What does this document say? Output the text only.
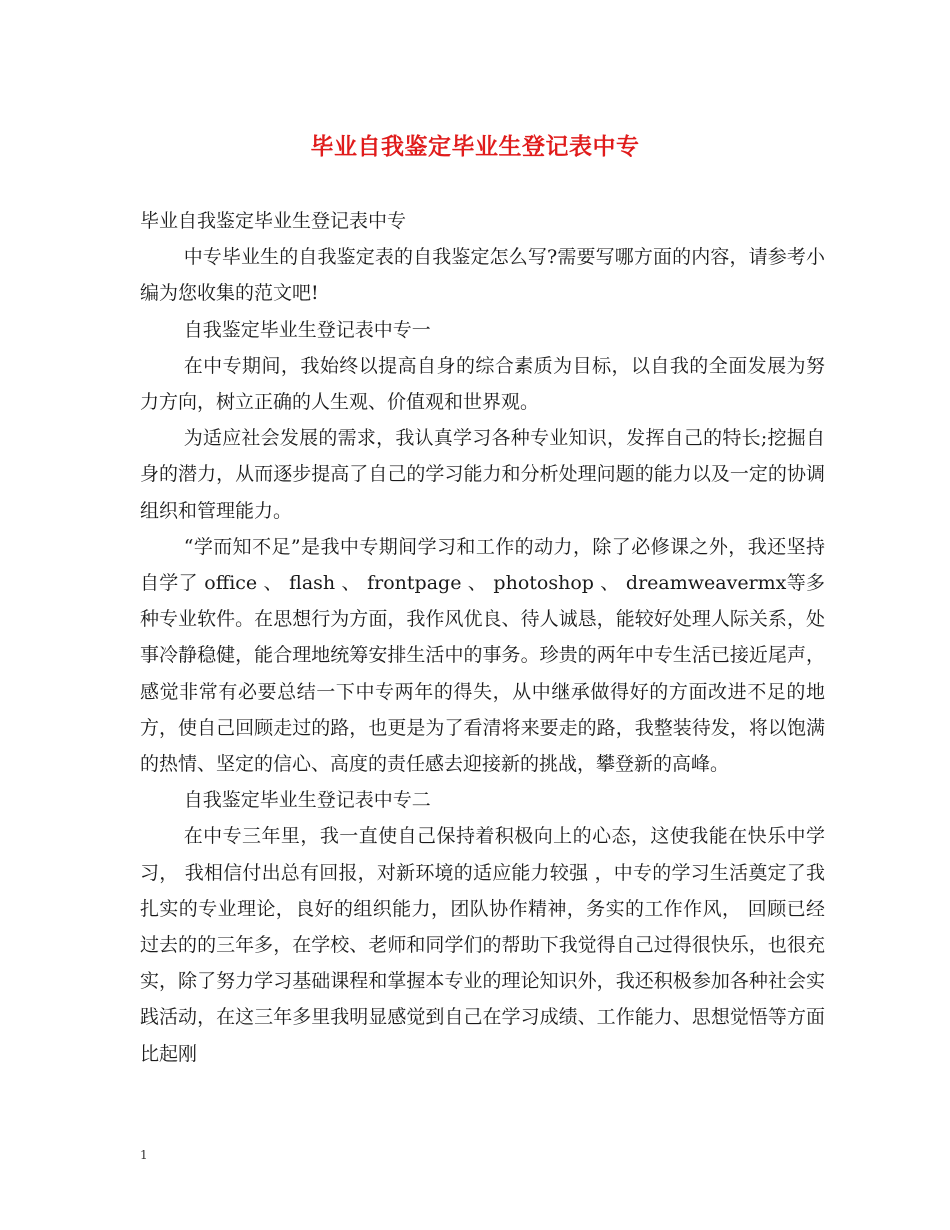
毕业自我鉴定毕业生登记表中专

毕业自我鉴定毕业生登记表中专

中专毕业生的自我鉴定表的自我鉴定怎么写?需要写哪方面的内容，请参考小编为您收集的范文吧!

自我鉴定毕业生登记表中专一

在中专期间，我始终以提高自身的综合素质为目标，以自我的全面发展为努力方向，树立正确的人生观、价值观和世界观。

为适应社会发展的需求，我认真学习各种专业知识，发挥自己的特长;挖掘自身的潜力，从而逐步提高了自己的学习能力和分析处理问题的能力以及一定的协调组织和管理能力。

“学而知不足”是我中专期间学习和工作的动力，除了必修课之外，我还坚持自学了 office 、 flash 、 frontpage 、 photoshop 、 dreamweavermx等多种专业软件。在思想行为方面，我作风优良、待人诚恳，能较好处理人际关系，处事冷静稳健，能合理地统筹安排生活中的事务。珍贵的两年中专生活已接近尾声，感觉非常有必要总结一下中专两年的得失，从中继承做得好的方面改进不足的地方，使自己回顾走过的路，也更是为了看清将来要走的路，我整装待发，将以饱满的热情、坚定的信心、高度的责任感去迎接新的挑战，攀登新的高峰。

自我鉴定毕业生登记表中专二

在中专三年里，我一直使自己保持着积极向上的心态，这使我能在快乐中学习， 我相信付出总有回报，对新环境的适应能力较强 ，中专的学习生活奠定了我扎实的专业理论，良好的组织能力，团队协作精神，务实的工作作风， 回顾已经过去的的三年多，在学校、老师和同学们的帮助下我觉得自己过得很快乐，也很充实，除了努力学习基础课程和掌握本专业的理论知识外，我还积极参加各种社会实践活动，在这三年多里我明显感觉到自己在学习成绩、工作能力、思想觉悟等方面比起刚

1
